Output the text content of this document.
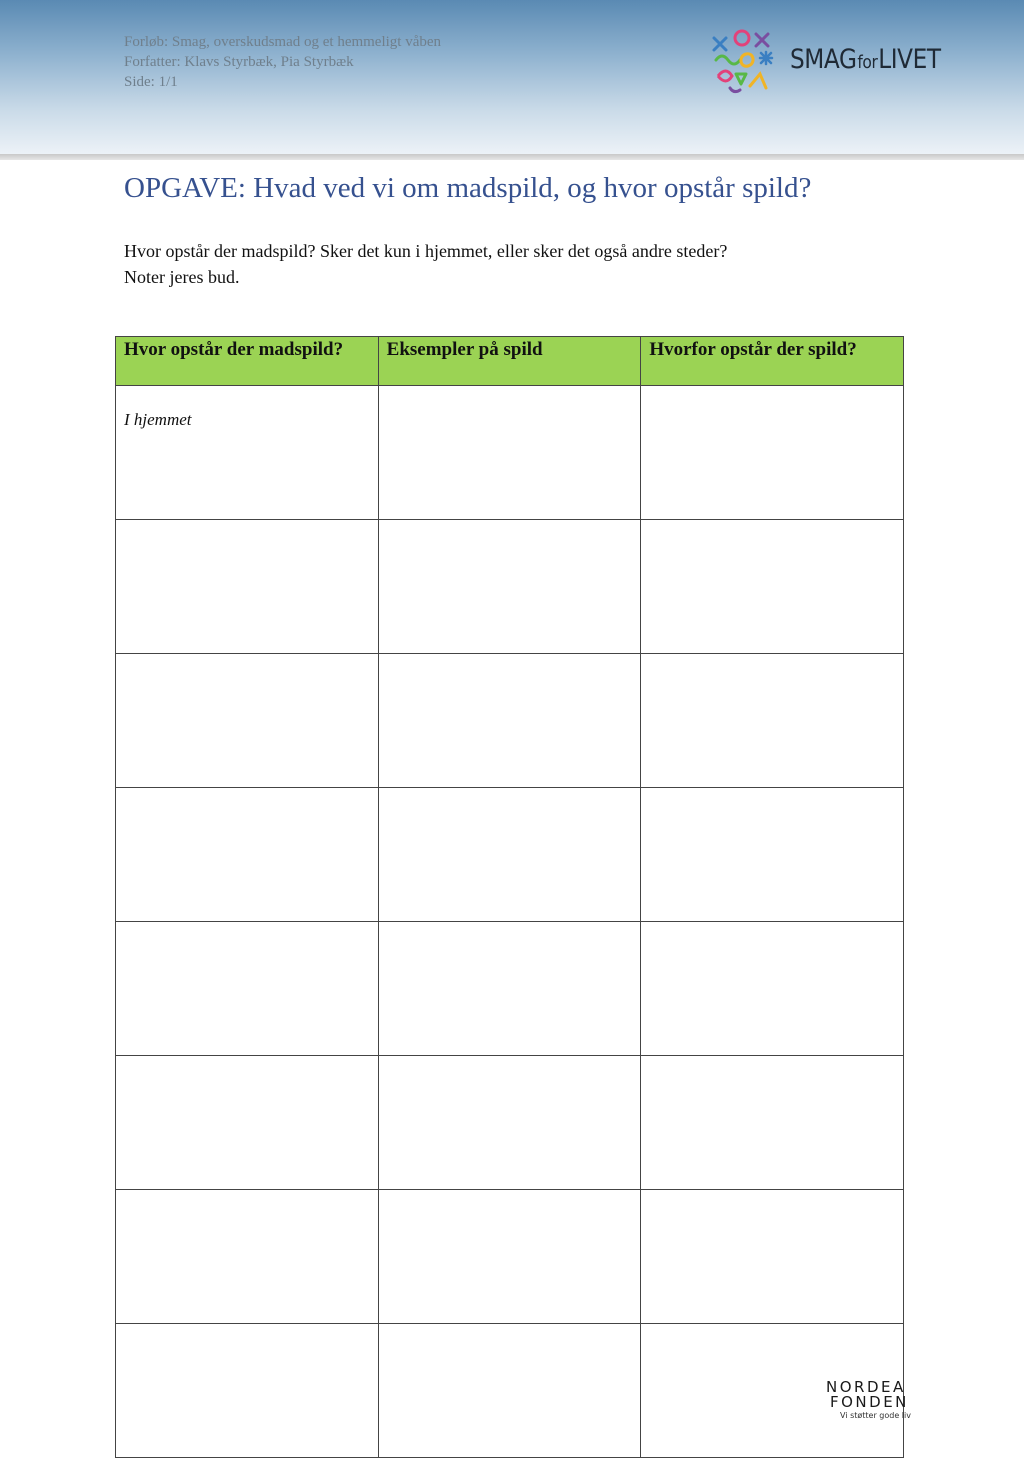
Forløb: Smag, overskudsmad og et hemmeligt våben
Forfatter: Klavs Styrbæk, Pia Styrbæk
Side: 1/1
SMAGforLIVET
OPGAVE: Hvad ved vi om madspild, og hvor opstår spild?
Hvor opstår der madspild? Sker det kun i hjemmet, eller sker det også andre steder?
Noter jeres bud.
Hvor opstår der madspild?	Eksempler på spild	Hvorfor opstår der spild?
I hjemmet		

NORDEA
FONDEN
Vi støtter gode liv
